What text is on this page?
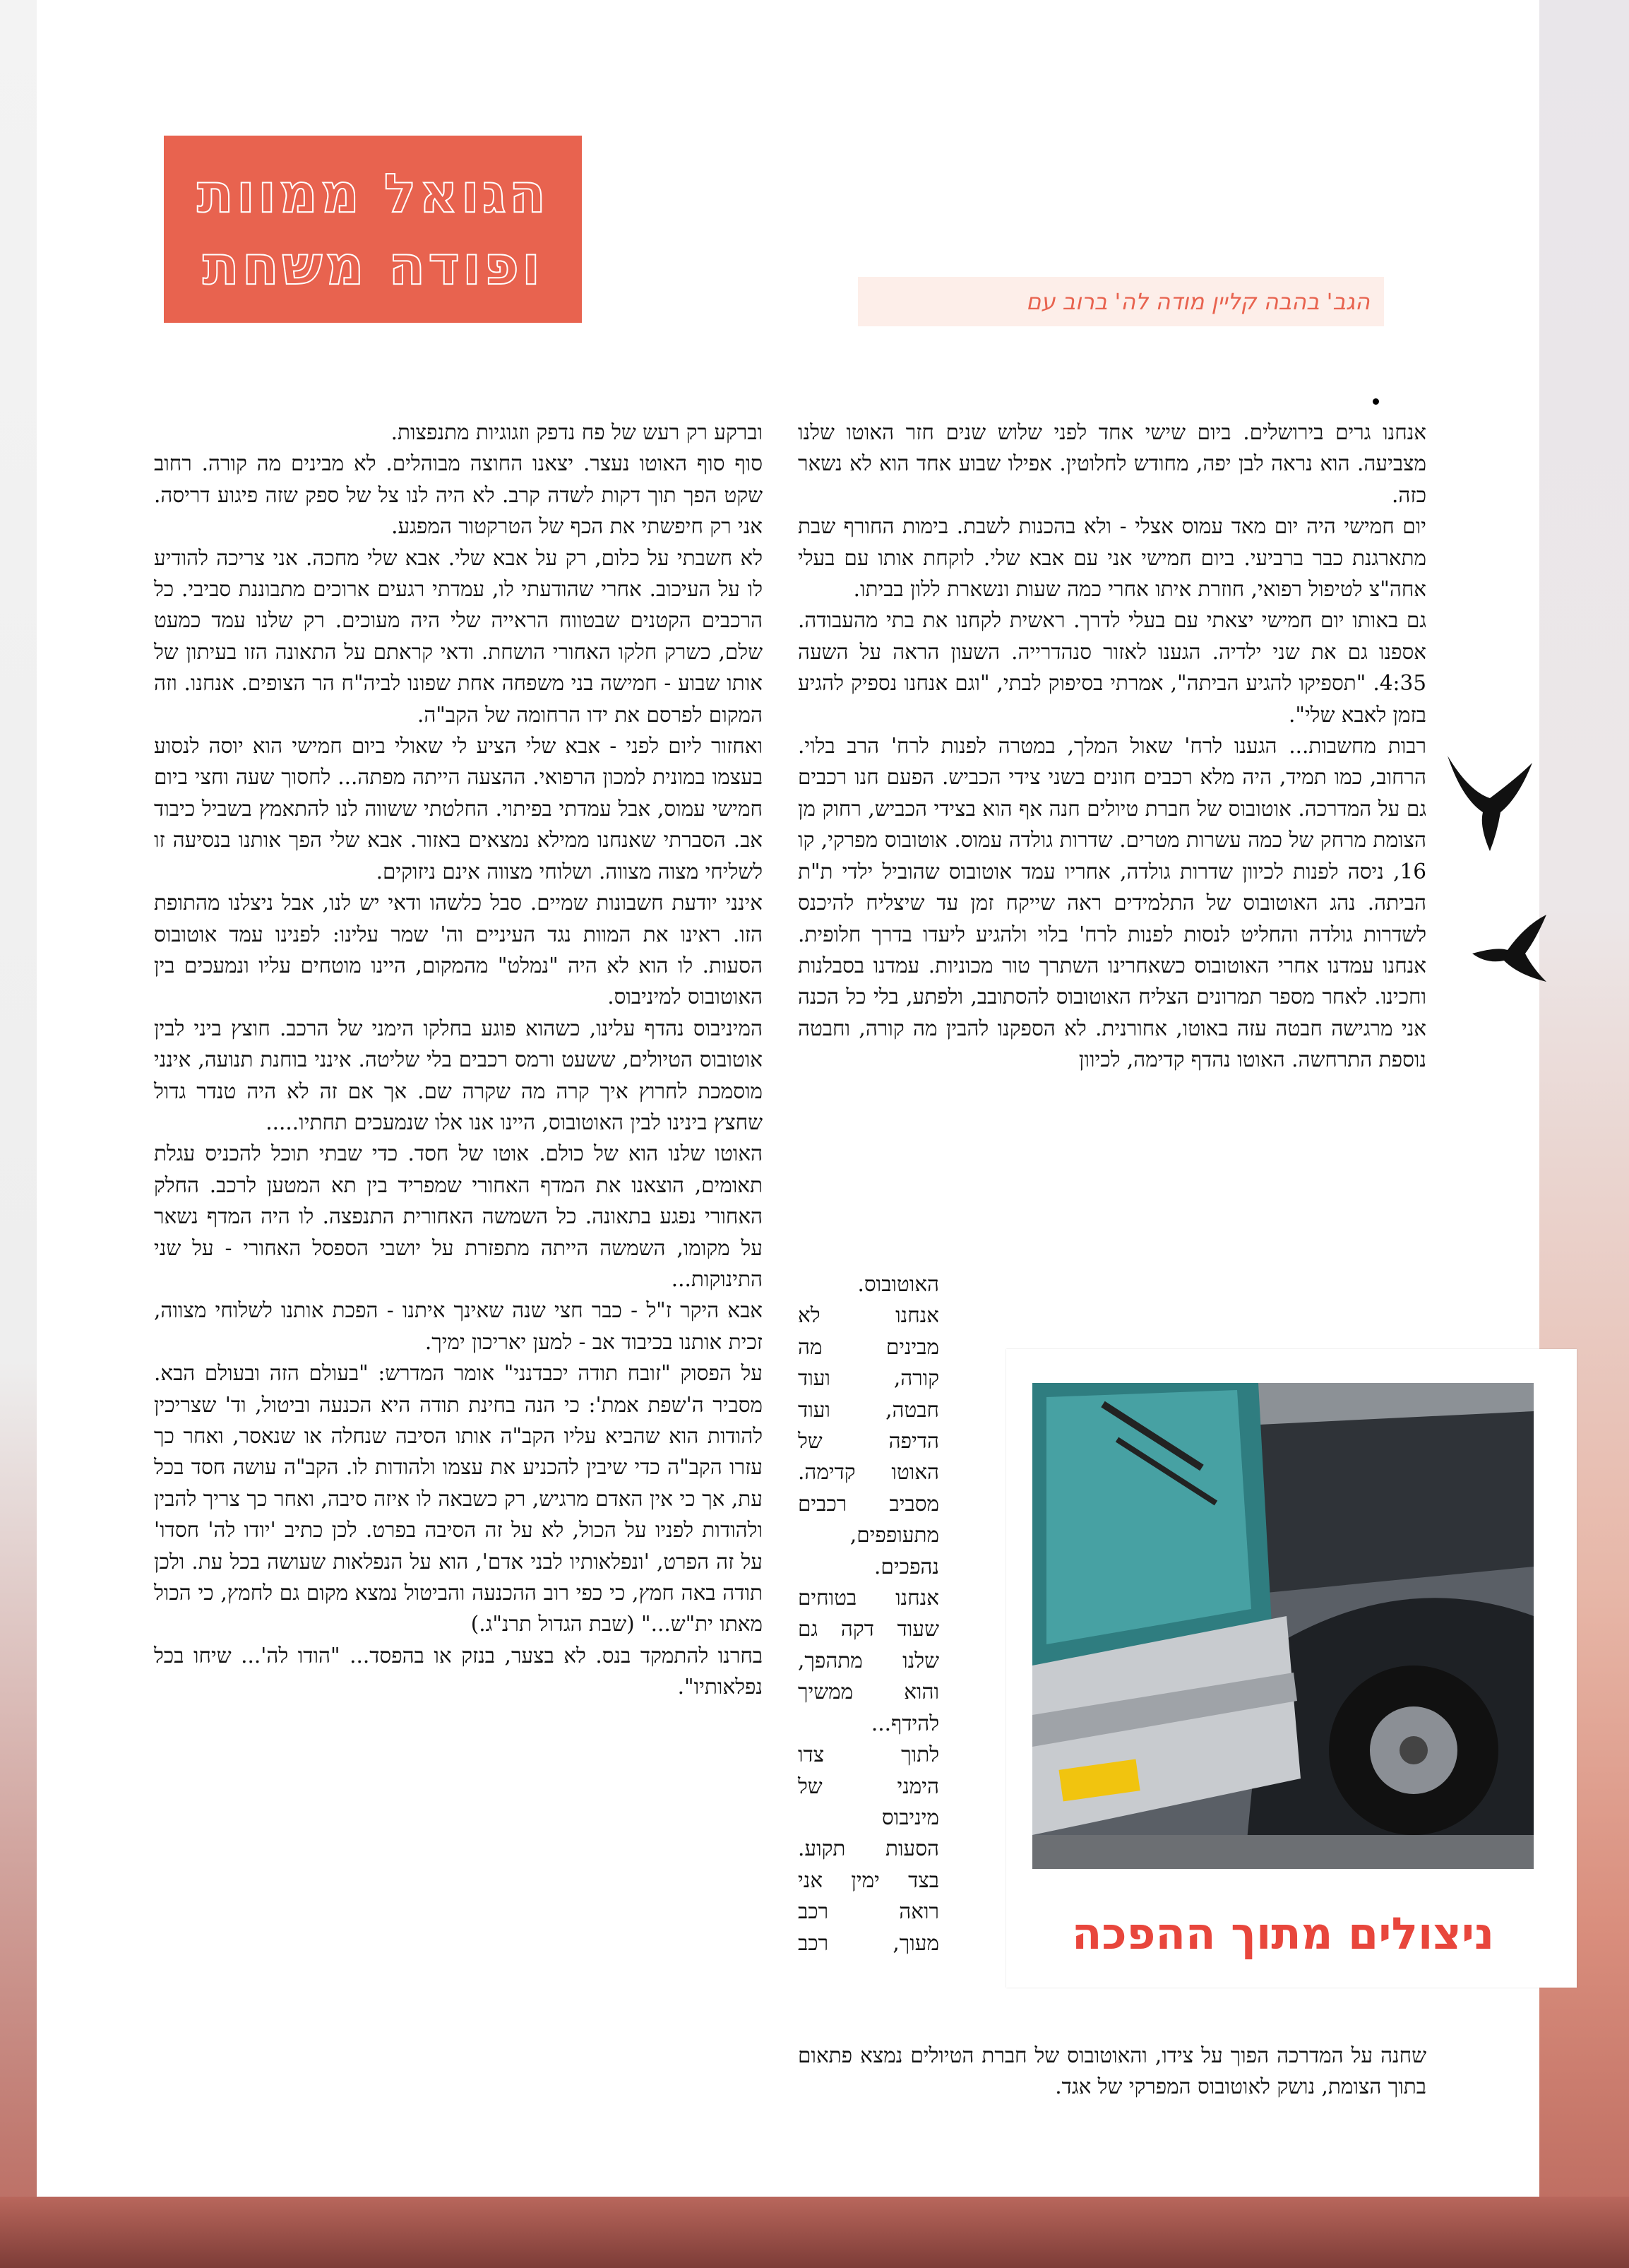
הגואל ממוות
ופודה משחת
הגב' בהבה קליין מודה לה' ברוב עם

אנחנו גרים בירושלים. ביום שישי אחד לפני שלוש שנים חזר האוטו שלנו מצביעה. הוא נראה לבן יפה, מחודש לחלוטין. אפילו שבוע אחד הוא לא נשאר כזה.

יום חמישי היה יום מאד עמוס אצלי - ולא בהכנות לשבת. בימות החורף שבת מתארגנת כבר ברביעי. ביום חמישי אני עם אבא שלי. לוקחת אותו עם בעלי אחה"צ לטיפול רפואי, חוזרת איתו אחרי כמה שעות ונשארת ללון בביתו.

גם באותו יום חמישי יצאתי עם בעלי לדרך. ראשית לקחנו את בתי מהעבודה. אספנו גם את שני ילדיה. הגענו לאזור סנהדרייה. השעון הראה על השעה 4:35. "תספיקו להגיע הביתה", אמרתי בסיפוק לבתי, "וגם אנחנו נספיק להגיע בזמן לאבא שלי".

רבות מחשבות... הגענו לרח' שאול המלך, במטרה לפנות לרח' הרב בלוי. הרחוב, כמו תמיד, היה מלא רכבים חונים בשני צידי הכביש. הפעם חנו רכבים גם על המדרכה. אוטובוס של חברת טיולים חנה אף הוא בצידי הכביש, רחוק מן הצומת מרחק של כמה עשרות מטרים. שדרות גולדה עמוס. אוטובוס מפרקי, קו 16, ניסה לפנות לכיוון שדרות גולדה, אחריו עמד אוטובוס שהוביל ילדי ת"ת הביתה. נהג האוטובוס של התלמידים ראה שייקח זמן עד שיצליח להיכנס לשדרות גולדה והחליט לנסות לפנות לרח' בלוי ולהגיע ליעדו בדרך חלופית. אנחנו עמדנו אחרי האוטובוס כשאחרינו השתרך טור מכוניות. עמדנו בסבלנות וחכינו. לאחר מספר תמרונים הצליח האוטובוס להסתובב, ולפתע, בלי כל הכנה אני מרגישה חבטה עזה באוטו, אחורנית. לא הספקנו להבין מה קורה, וחבטה נוספת התרחשה. האוטו נהדף קדימה, לכיוון

האוטובוס.
אנחנו לא
מבינים מה
קורה, ועוד
חבטה, ועוד
הדיפה של
האוטו קדימה.
מסביב רכבים
מתעופפים,
נהפכים.
אנחנו בטוחים
שעוד דקה גם
שלנו מתהפך,
והוא ממשיך
להידף...
לתוך צדו
הימני של
מיניבוס
הסעות תקוע.
בצד ימין אני
רואה רכב
מעוך, רכב

שחנה על המדרכה הפוך על צידו, והאוטובוס של חברת הטיולים נמצא פתאום בתוך הצומת, נושק לאוטובוס המפרקי של אגד.

וברקע רק רעש של פח נדפק וזגוגיות מתנפצות.

סוף סוף האוטו נעצר. יצאנו החוצה מבוהלים. לא מבינים מה קורה. רחוב שקט הפך תוך דקות לשדה קרב. לא היה לנו צל של ספק שזה פיגוע דריסה. אני רק חיפשתי את הכף של הטרקטור המפגע.

לא חשבתי על כלום, רק על אבא שלי. אבא שלי מחכה. אני צריכה להודיע לו על העיכוב. אחרי שהודעתי לו, עמדתי רגעים ארוכים מתבוננת סביבי. כל הרכבים הקטנים שבטווח הראייה שלי היה מעוכים. רק שלנו עמד כמעט שלם, כשרק חלקו האחורי הושחת. ודאי קראתם על התאונה הזו בעיתון של אותו שבוע - חמישה בני משפחה אחת שפונו לביה"ח הר הצופים. אנחנו. וזה המקום לפרסם את ידו הרחומה של הקב"ה.

ואחזור ליום לפני - אבא שלי הציע לי שאולי ביום חמישי הוא יוסה לנסוע בעצמו במונית למכון הרפואי. ההצעה הייתה מפתה... לחסוך שעה וחצי ביום חמישי עמוס, אבל עמדתי בפיתוי. החלטתי ששווה לנו להתאמץ בשביל כיבוד אב. הסברתי שאנחנו ממילא נמצאים באזור. אבא שלי הפך אותנו בנסיעה זו לשליחי מצוה מצווה. ושלוחי מצווה אינם ניזוקים.

אינני יודעת חשבונות שמיים. סבל כלשהו ודאי יש לנו, אבל ניצלנו מהתופת הזו. ראינו את המוות נגד העיניים וה' שמר עלינו: לפנינו עמד אוטובוס הסעות. לו הוא לא היה "נמלט" מהמקום, היינו מוטחים עליו ונמעכים בין האוטובוס למיניבוס.

המיניבוס נהדף עלינו, כשהוא פוגע בחלקו הימני של הרכב. חוצץ ביני לבין אוטובוס הטיולים, ששעט ורמס רכבים בלי שליטה. אינני בוחנת תנועה, אינני מוסמכת לחרוץ איך קרה מה שקרה שם. אך אם זה לא היה טנדר גדול שחצץ בינינו לבין האוטובוס, היינו אנו אלו שנמעכים תחתיו.....

האוטו שלנו הוא של כולם. אוטו של חסד. כדי שבתי תוכל להכניס עגלת תאומים, הוצאנו את המדף האחורי שמפריד בין תא המטען לרכב. החלק האחורי נפגע בתאונה. כל השמשה האחורית התנפצה. לו היה המדף נשאר על מקומו, השמשה הייתה מתפזרת על יושבי הספסל האחורי - על שני התינוקות...

אבא היקר ז"ל - כבר חצי שנה שאינך איתנו - הפכת אותנו לשלוחי מצווה, זכית אותנו בכיבוד אב - למען יאריכון ימיך.

על הפסוק "זובח תודה יכבדנני" אומר המדרש: "בעולם הזה ובעולם הבא. מסביר ה'שפת אמת': כי הנה בחינת תודה היא הכנעה וביטול, וד' שצריכין להודות הוא שהביא עליו הקב"ה אותו הסיבה שנחלה או שנאסר, ואחר כך עזרו הקב"ה כדי שיבין להכניע את עצמו ולהודות לו. הקב"ה עושה חסד בכל עת, אך כי אין האדם מרגיש, רק כשבאה לו איזה סיבה, ואחר כך צריך להבין ולהודות לפניו על הכול, לא על זה הסיבה בפרט. לכן כתיב 'יודו לה' חסדו' על זה הפרט, 'ונפלאותיו לבני אדם', הוא על הנפלאות שעושה בכל עת. ולכן תודה באה חמץ, כי כפי רוב ההכנעה והביטול נמצא מקום גם לחמץ, כי הכול מאתו ית"ש..." (שבת הגדול תרנ"ג.)

בחרנו להתמקד בנס. לא בצער, בנזק או בהפסד... "הודו לה'... שיחו בכל נפלאותיו".

ניצולים מתוך ההפכה
